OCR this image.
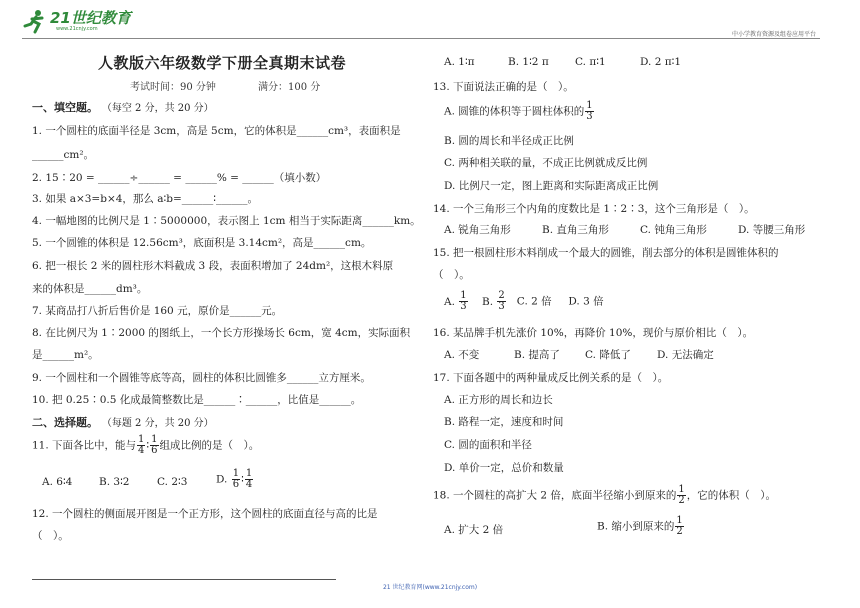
21世纪教育
www.21cnjy.com
中小学教育资源及组卷应用平台
人教版六年级数学下册全真期末试卷
考试时间：90 分钟	满分：100 分
一、填空题。 （每空 2 分，共 20 分）
1. 一个圆柱的底面半径是 3cm，高是 5cm，它的体积是______cm³，表面积是
______cm²。
2. 15∶20 = ______÷______ = ______% = ______（填小数）
3. 如果 a×3=b×4，那么 a∶b=______∶______。
4. 一幅地图的比例尺是 1∶5000000，表示图上 1cm 相当于实际距离______km。
5. 一个圆锥的体积是 12.56cm³，底面积是 3.14cm²，高是______cm。
6. 把一根长 2 米的圆柱形木料截成 3 段，表面积增加了 24dm²，这根木料原
来的体积是______dm³。
7. 某商品打八折后售价是 160 元，原价是______元。
8. 在比例尺为 1∶2000 的图纸上，一个长方形操场长 6cm，宽 4cm，实际面积
是______m²。
9. 一个圆柱和一个圆锥等底等高，圆柱的体积比圆锥多______立方厘米。
10. 把 0.25∶0.5 化成最简整数比是______∶______，比值是______。
二、选择题。 （每题 2 分，共 20 分）
11. 下面各比中，能与 $\frac{1}{4}$ ∶ $\frac{1}{6}$ 组成比例的是（　）。
A. 6∶4	B. 3∶2	C. 2∶3	D. $\frac{1}{6}$ ∶ $\frac{1}{4}$
12. 一个圆柱的侧面展开图是一个正方形，这个圆柱的底面直径与高的比是
（　）。
A. 1∶π	B. 1∶2 π	C. π∶1	D. 2 π∶1
13. 下面说法正确的是（　）。
A. 圆锥的体积等于圆柱体积的 $\frac{1}{3}$
B. 圆的周长和半径成正比例
C. 两种相关联的量，不成正比例就成反比例
D. 比例尺一定，图上距离和实际距离成正比例
14. 一个三角形三个内角的度数比是 1∶2∶3，这个三角形是（　）。
A. 锐角三角形	B. 直角三角形	C. 钝角三角形	D. 等腰三角形
15. 把一根圆柱形木料削成一个最大的圆锥，削去部分的体积是圆锥体积的
（　）。
A. $\frac{1}{3} B$. $\frac{2}{3} C$. 2 倍 D. 3 倍
16. 某品牌手机先涨价 10%，再降价 10%，现价与原价相比（　）。
A. 不变	B. 提高了 C. 降低了 D. 无法确定
17. 下面各题中的两种量成反比例关系的是（　）。
A. 正方形的周长和边长
B. 路程一定，速度和时间
C. 圆的面积和半径
D. 单价一定，总价和数量
18. 一个圆柱的高扩大 2 倍，底面半径缩小到原来的 $\frac{1}{2}$ ，它的体积（　）。
A. 扩大 2 倍	B. 缩小到原来的 $\frac{1}{2}$
21 世纪教育网(www.21cnjy.com)
